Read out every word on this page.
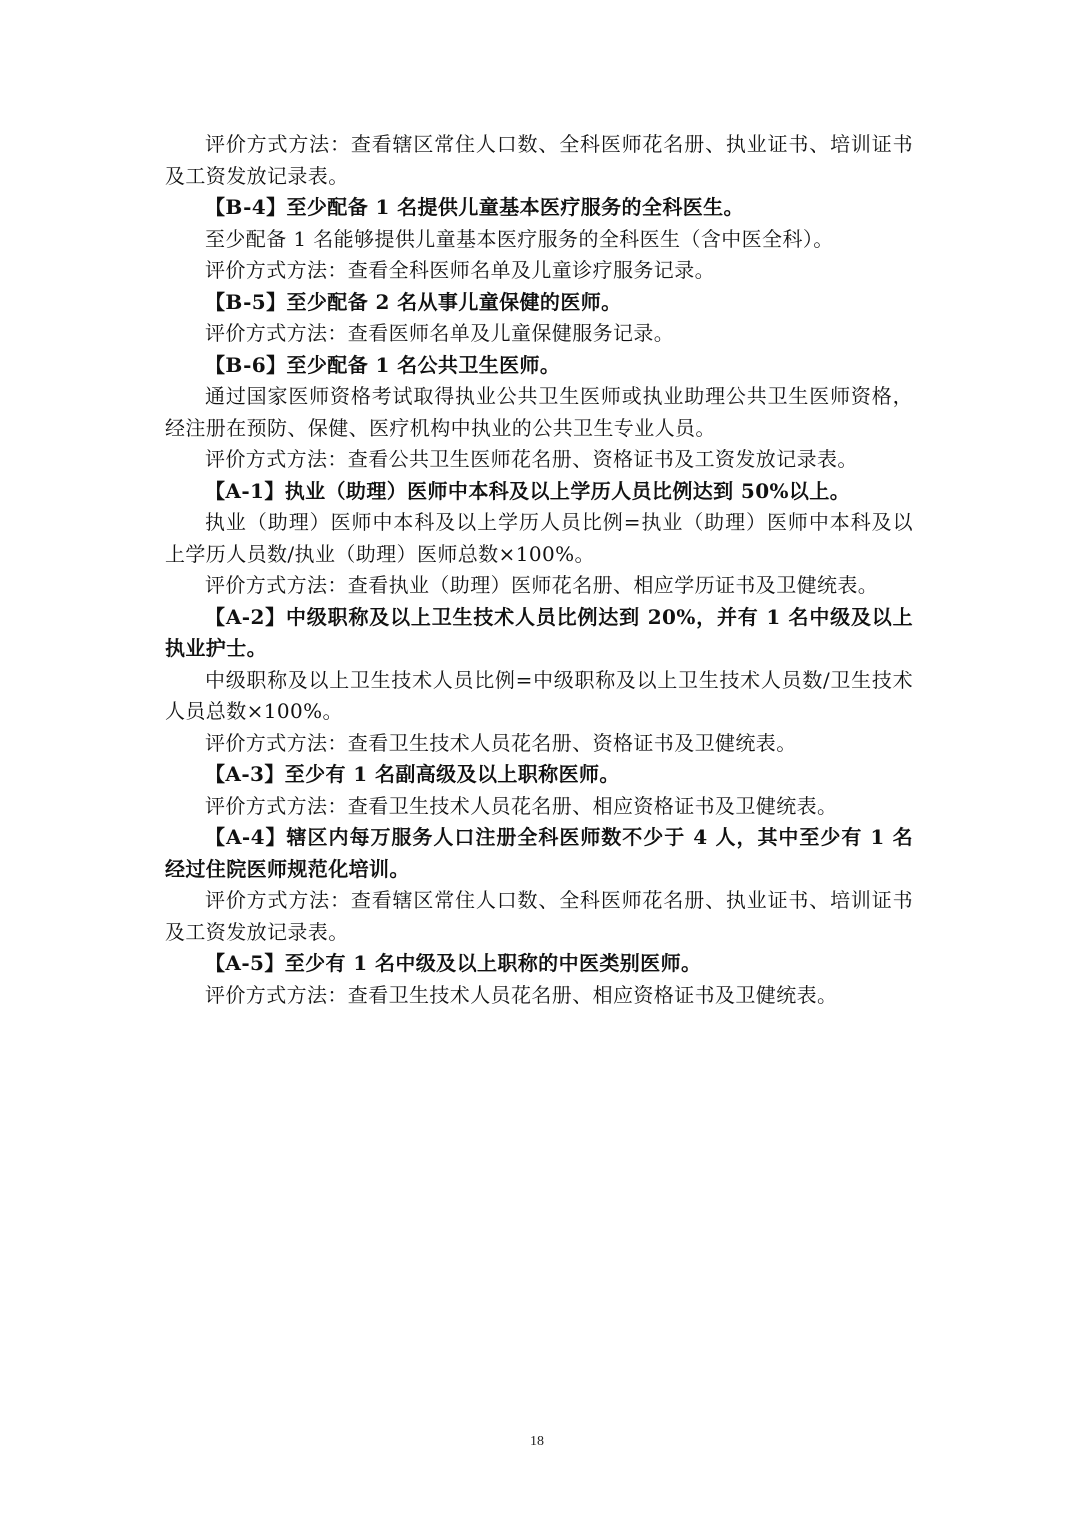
评价方式方法：查看辖区常住人口数、全科医师花名册、执业证书、培训证书及工资发放记录表。

【B-4】至少配备 1 名提供儿童基本医疗服务的全科医生。

至少配备 1 名能够提供儿童基本医疗服务的全科医生（含中医全科）。

评价方式方法：查看全科医师名单及儿童诊疗服务记录。

【B-5】至少配备 2 名从事儿童保健的医师。

评价方式方法：查看医师名单及儿童保健服务记录。

【B-6】至少配备 1 名公共卫生医师。

通过国家医师资格考试取得执业公共卫生医师或执业助理公共卫生医师资格，经注册在预防、保健、医疗机构中执业的公共卫生专业人员。

评价方式方法：查看公共卫生医师花名册、资格证书及工资发放记录表。

【A-1】执业（助理）医师中本科及以上学历人员比例达到 50%以上。

执业（助理）医师中本科及以上学历人员比例=执业（助理）医师中本科及以上学历人员数/执业（助理）医师总数×100%。

评价方式方法：查看执业（助理）医师花名册、相应学历证书及卫健统表。

【A-2】中级职称及以上卫生技术人员比例达到 20%，并有 1 名中级及以上执业护士。

中级职称及以上卫生技术人员比例=中级职称及以上卫生技术人员数/卫生技术人员总数×100%。

评价方式方法：查看卫生技术人员花名册、资格证书及卫健统表。

【A-3】至少有 1 名副高级及以上职称医师。

评价方式方法：查看卫生技术人员花名册、相应资格证书及卫健统表。

【A-4】辖区内每万服务人口注册全科医师数不少于 4 人，其中至少有 1 名经过住院医师规范化培训。

评价方式方法：查看辖区常住人口数、全科医师花名册、执业证书、培训证书及工资发放记录表。

【A-5】至少有 1 名中级及以上职称的中医类别医师。

评价方式方法：查看卫生技术人员花名册、相应资格证书及卫健统表。

18
